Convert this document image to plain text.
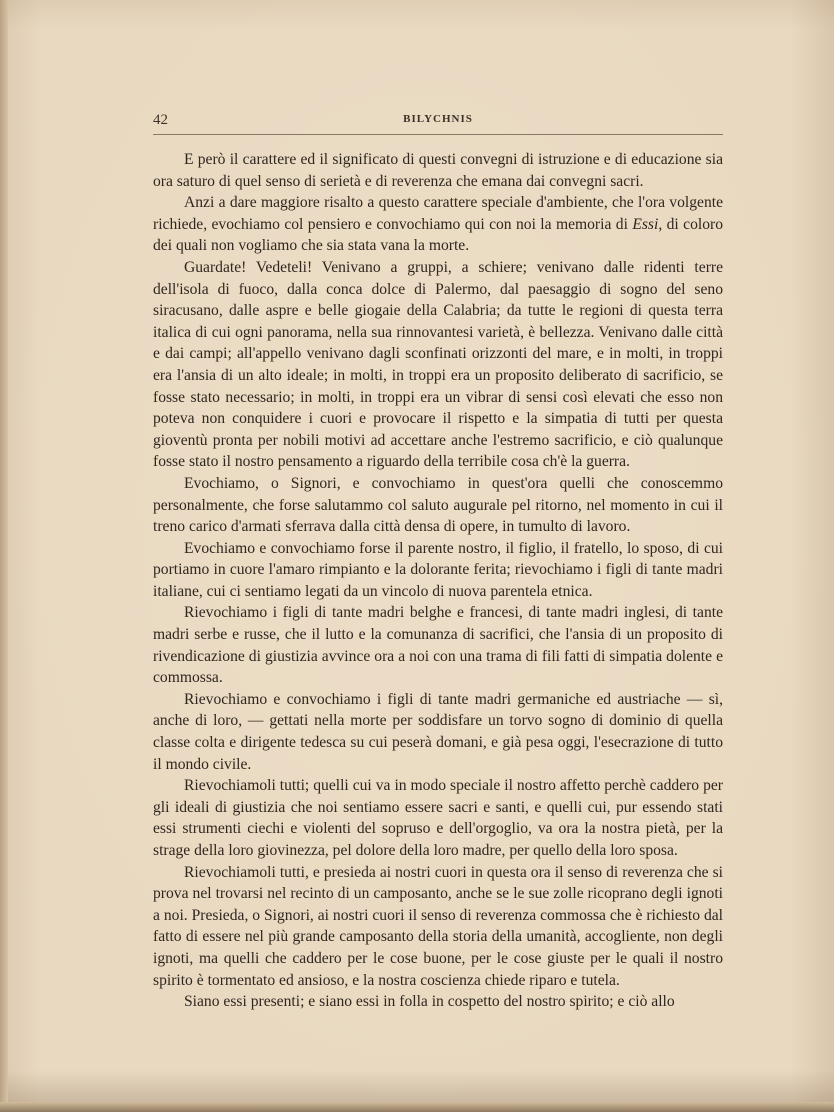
42	BILYCHNIS

E però il carattere ed il significato di questi convegni di istruzione e di educazione sia ora saturo di quel senso di serietà e di reverenza che emana dai convegni sacri.

Anzi a dare maggiore risalto a questo carattere speciale d'ambiente, che l'ora volgente richiede, evochiamo col pensiero e convochiamo qui con noi la memoria di Essi, di coloro dei quali non vogliamo che sia stata vana la morte.

Guardate! Vedeteli! Venivano a gruppi, a schiere; venivano dalle ridenti terre dell'isola di fuoco, dalla conca dolce di Palermo, dal paesaggio di sogno del seno siracusano, dalle aspre e belle giogaie della Calabria; da tutte le regioni di questa terra italica di cui ogni panorama, nella sua rinnovantesi varietà, è bellezza. Venivano dalle città e dai campi; all'appello venivano dagli sconfinati orizzonti del mare, e in molti, in troppi era l'ansia di un alto ideale; in molti, in troppi era un proposito deliberato di sacrificio, se fosse stato necessario; in molti, in troppi era un vibrar di sensi così elevati che esso non poteva non conquidere i cuori e provocare il rispetto e la simpatia di tutti per questa gioventù pronta per nobili motivi ad accettare anche l'estremo sacrificio, e ciò qualunque fosse stato il nostro pensamento a riguardo della terribile cosa ch'è la guerra.

Evochiamo, o Signori, e convochiamo in quest'ora quelli che conoscemmo personalmente, che forse salutammo col saluto augurale pel ritorno, nel momento in cui il treno carico d'armati sferrava dalla città densa di opere, in tumulto di lavoro.

Evochiamo e convochiamo forse il parente nostro, il figlio, il fratello, lo sposo, di cui portiamo in cuore l'amaro rimpianto e la dolorante ferita; rievochiamo i figli di tante madri italiane, cui ci sentiamo legati da un vincolo di nuova parentela etnica.

Rievochiamo i figli di tante madri belghe e francesi, di tante madri inglesi, di tante madri serbe e russe, che il lutto e la comunanza di sacrifici, che l'ansia di un proposito di rivendicazione di giustizia avvince ora a noi con una trama di fili fatti di simpatia dolente e commossa.

Rievochiamo e convochiamo i figli di tante madri germaniche ed austriache — sì, anche di loro, — gettati nella morte per soddisfare un torvo sogno di dominio di quella classe colta e dirigente tedesca su cui peserà domani, e già pesa oggi, l'esecrazione di tutto il mondo civile.

Rievochiamoli tutti; quelli cui va in modo speciale il nostro affetto perchè caddero per gli ideali di giustizia che noi sentiamo essere sacri e santi, e quelli cui, pur essendo stati essi strumenti ciechi e violenti del sopruso e dell'orgoglio, va ora la nostra pietà, per la strage della loro giovinezza, pel dolore della loro madre, per quello della loro sposa.

Rievochiamoli tutti, e presieda ai nostri cuori in questa ora il senso di reverenza che si prova nel trovarsi nel recinto di un camposanto, anche se le sue zolle ricoprano degli ignoti a noi. Presieda, o Signori, ai nostri cuori il senso di reverenza commossa che è richiesto dal fatto di essere nel più grande camposanto della storia della umanità, accogliente, non degli ignoti, ma quelli che caddero per le cose buone, per le cose giuste per le quali il nostro spirito è tormentato ed ansioso, e la nostra coscienza chiede riparo e tutela.

Siano essi presenti; e siano essi in folla in cospetto del nostro spirito; e ciò allo
